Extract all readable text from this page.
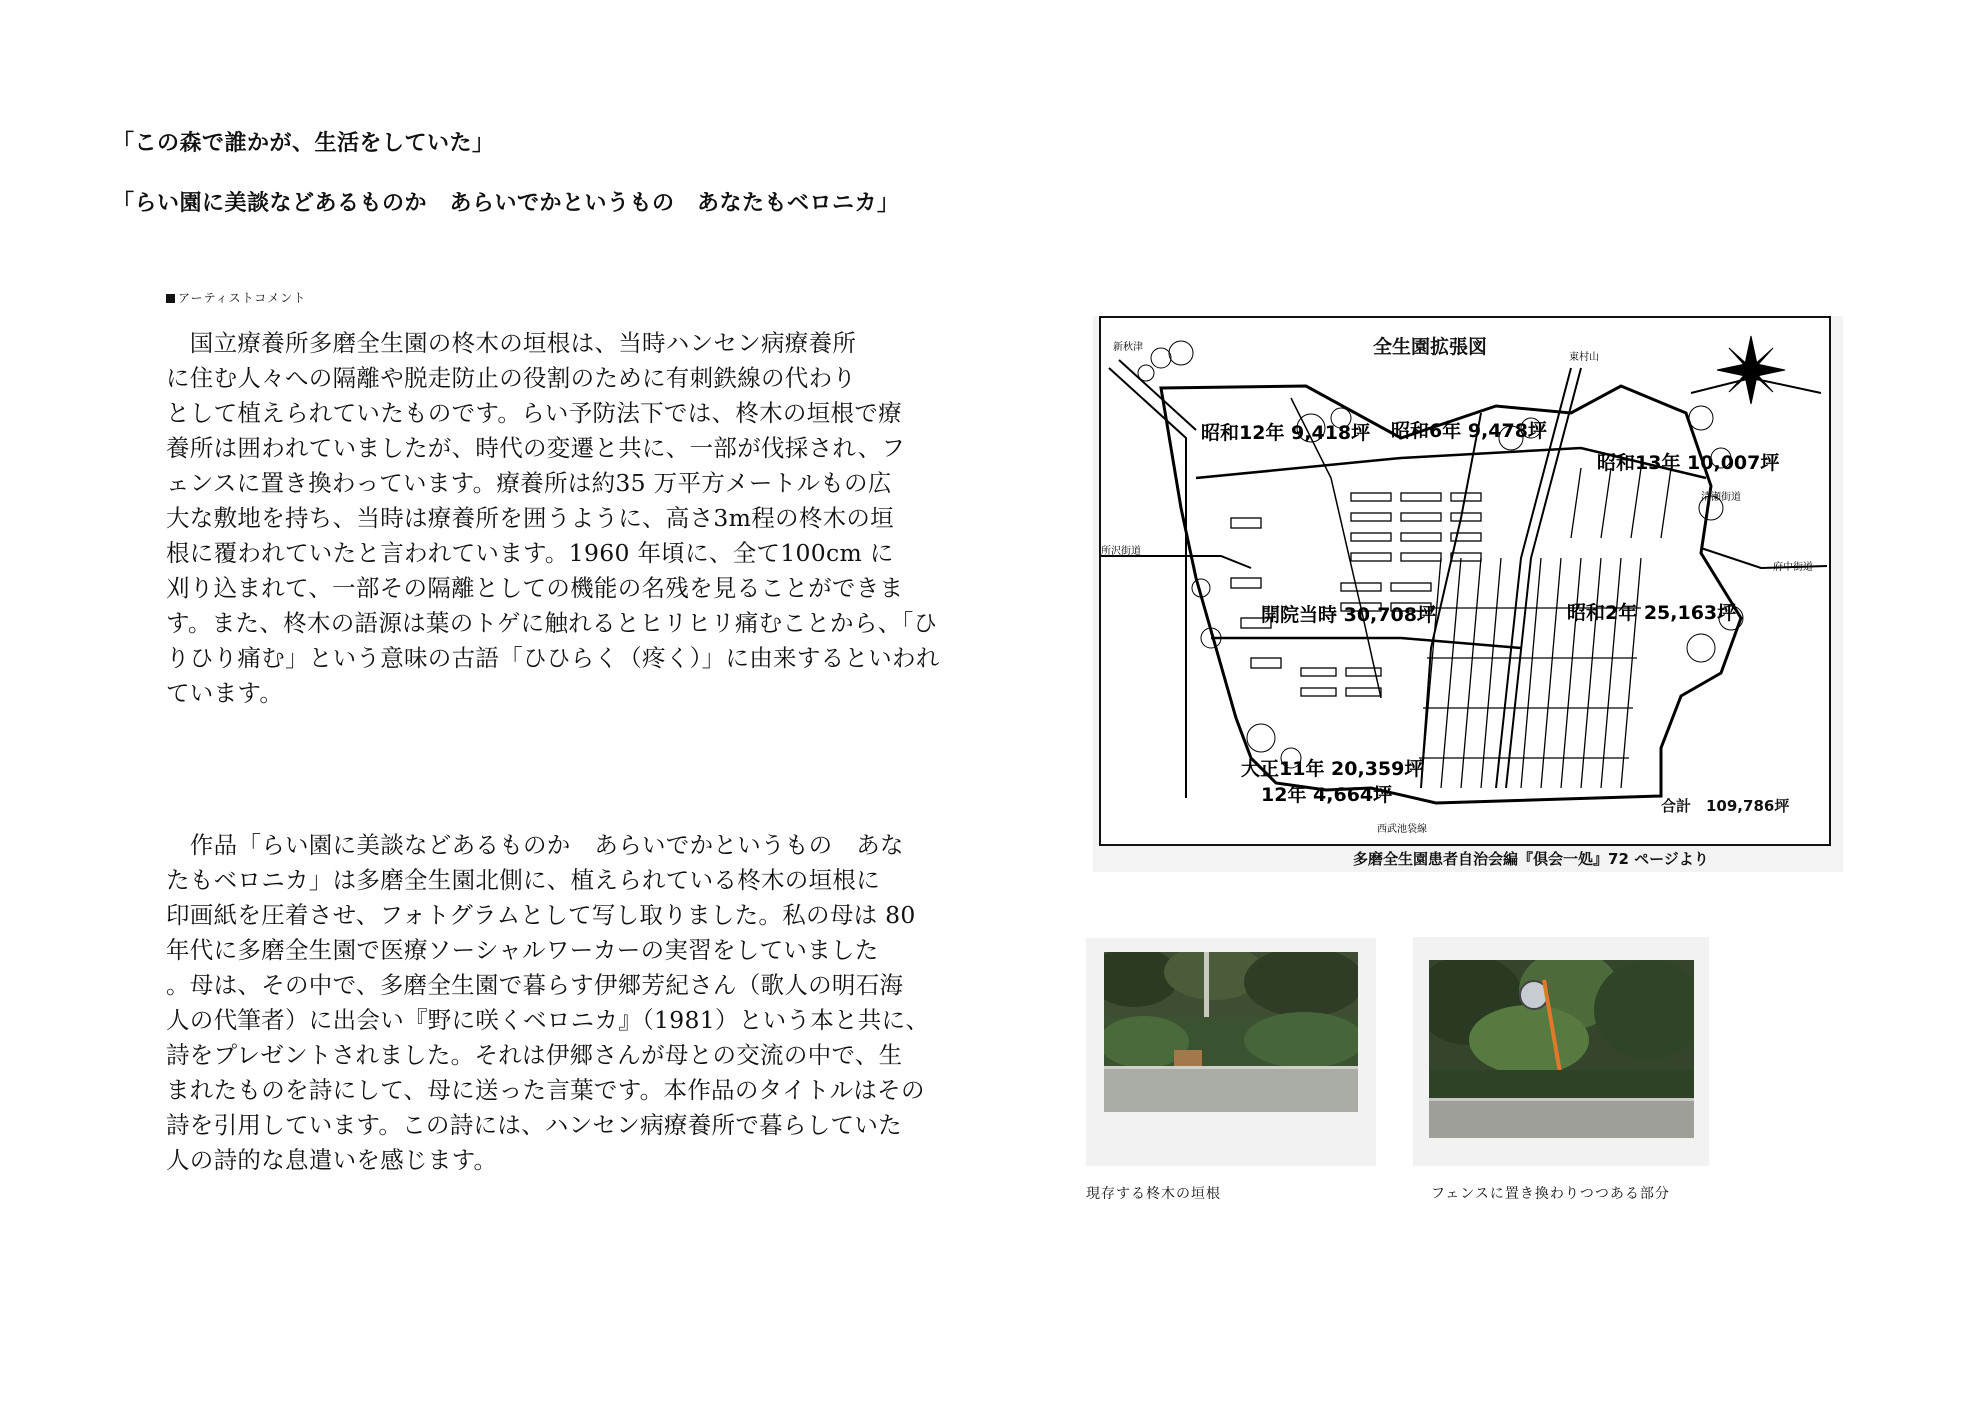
「この森で誰かが、生活をしていた」
「らい園に美談などあるものか　あらいでかというもの　あなたもベロニカ」
アーティストコメント
　国立療養所多磨全生園の柊木の垣根は、当時ハンセン病療養所
に住む人々への隔離や脱走防止の役割のために有刺鉄線の代わり
として植えられていたものです。らい予防法下では、柊木の垣根で療
養所は囲われていましたが、時代の変遷と共に、一部が伐採され、フ
ェンスに置き換わっています。療養所は約35 万平方メートルもの広
大な敷地を持ち、当時は療養所を囲うように、高さ3m程の柊木の垣
根に覆われていたと言われています。1960 年頃に、全て100cm に
刈り込まれて、一部その隔離としての機能の名残を見ることができま
す。また、柊木の語源は葉のトゲに触れるとヒリヒリ痛むことから、「ひ
りひり痛む」という意味の古語「ひひらく（疼く）」に由来するといわれ
ています。
　作品「らい園に美談などあるものか　あらいでかというもの　あな
たもベロニカ」は多磨全生園北側に、植えられている柊木の垣根に
印画紙を圧着させ、フォトグラムとして写し取りました。私の母は 80
年代に多磨全生園で医療ソーシャルワーカーの実習をしていました
。母は、その中で、多磨全生園で暮らす伊郷芳紀さん（歌人の明石海
人の代筆者）に出会い『野に咲くベロニカ』（1981）という本と共に、
詩をプレゼントされました。それは伊郷さんが母との交流の中で、生
まれたものを詩にして、母に送った言葉です。本作品のタイトルはその
詩を引用しています。この詩には、ハンセン病療養所で暮らしていた
人の詩的な息遣いを感じます。
全生園拡張図
新秋津
東村山
所沢街道
府中街道
清瀬街道
西武池袋線
昭和12年 9,418坪 昭和6年 9,478坪
昭和13年 10,007坪
開院当時 30,708坪	昭和2年 25,163坪
大正11年 20,359坪
12年 4,664坪	合計　109,786坪
多磨全生園患者自治会編『倶会一処』72 ページより
現存する柊木の垣根	フェンスに置き換わりつつある部分
